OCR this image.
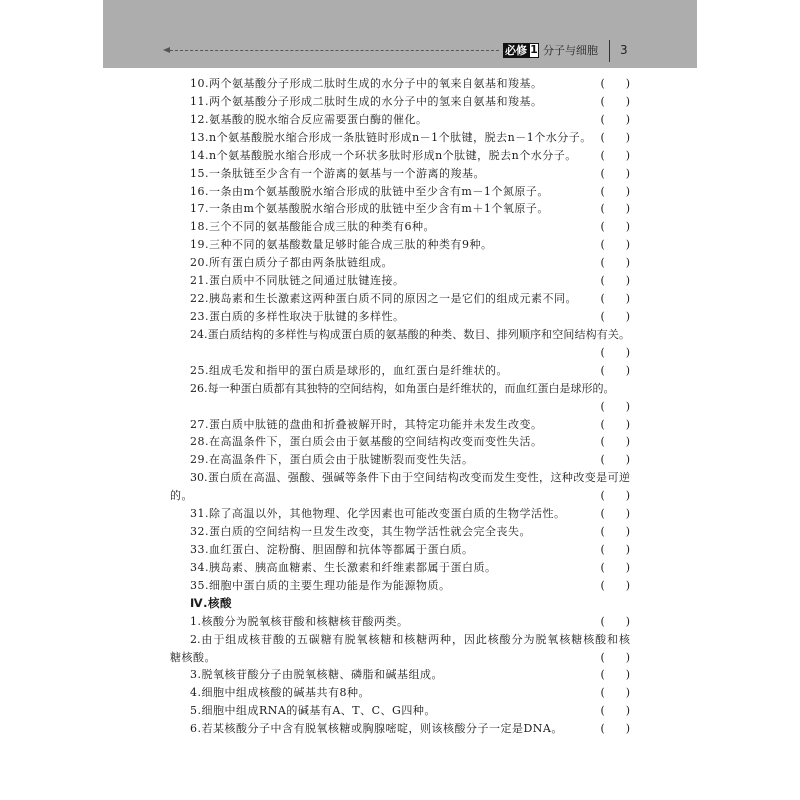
必修 1 分子与细胞 3
10.两个氨基酸分子形成二肽时生成的水分子中的氧来自氨基和羧基。	(      )
11.两个氨基酸分子形成二肽时生成的水分子中的氢来自氨基和羧基。	(      )
12.氨基酸的脱水缩合反应需要蛋白酶的催化。	(      )
13.n个氨基酸脱水缩合形成一条肽链时形成n－1个肽键，脱去n－1个水分子。 (      )
14.n个氨基酸脱水缩合形成一个环状多肽时形成n个肽键，脱去n个水分子。 (      )
15.一条肽链至少含有一个游离的氨基与一个游离的羧基。	(      )
16.一条由m个氨基酸脱水缩合形成的肽链中至少含有m－1个氮原子。	(      )
17.一条由m个氨基酸脱水缩合形成的肽链中至少含有m＋1个氧原子。	(      )
18.三个不同的氨基酸能合成三肽的种类有6种。	(      )
19.三种不同的氨基酸数量足够时能合成三肽的种类有9种。	(      )
20.所有蛋白质分子都由两条肽链组成。	(      )
21.蛋白质中不同肽链之间通过肽键连接。	(      )
22.胰岛素和生长激素这两种蛋白质不同的原因之一是它们的组成元素不同。 (      )
23.蛋白质的多样性取决于肽键的多样性。	(      )
24.蛋白质结构的多样性与构成蛋白质的氨基酸的种类、数目、排列顺序和空间结构有关。
(      )
25.组成毛发和指甲的蛋白质是球形的，血红蛋白是纤维状的。	(      )
26.每一种蛋白质都有其独特的空间结构，如角蛋白是纤维状的，而血红蛋白是球形的。
(      )
27.蛋白质中肽链的盘曲和折叠被解开时，其特定功能并未发生改变。	(      )
28.在高温条件下，蛋白质会由于氨基酸的空间结构改变而变性失活。	(      )
29.在高温条件下，蛋白质会由于肽键断裂而变性失活。	(      )
30.蛋白质在高温、强酸、强碱等条件下由于空间结构改变而发生变性，这种改变是可逆
的。	(      )
31.除了高温以外，其他物理、化学因素也可能改变蛋白质的生物学活性。	(      )
32.蛋白质的空间结构一旦发生改变，其生物学活性就会完全丧失。	(      )
33.血红蛋白、淀粉酶、胆固醇和抗体等都属于蛋白质。	(      )
34.胰岛素、胰高血糖素、生长激素和纤维素都属于蛋白质。	(      )
35.细胞中蛋白质的主要生理功能是作为能源物质。	(      )
Ⅳ.核酸
1.核酸分为脱氧核苷酸和核糖核苷酸两类。	(      )
2.由于组成核苷酸的五碳糖有脱氧核糖和核糖两种，因此核酸分为脱氧核糖核酸和核
糖核酸。	(      )
3.脱氧核苷酸分子由脱氧核糖、磷脂和碱基组成。	(      )
4.细胞中组成核酸的碱基共有8种。	(      )
5.细胞中组成RNA的碱基有A、T、C、G四种。	(      )
6.若某核酸分子中含有脱氧核糖或胸腺嘧啶，则该核酸分子一定是DNA。	(      )
